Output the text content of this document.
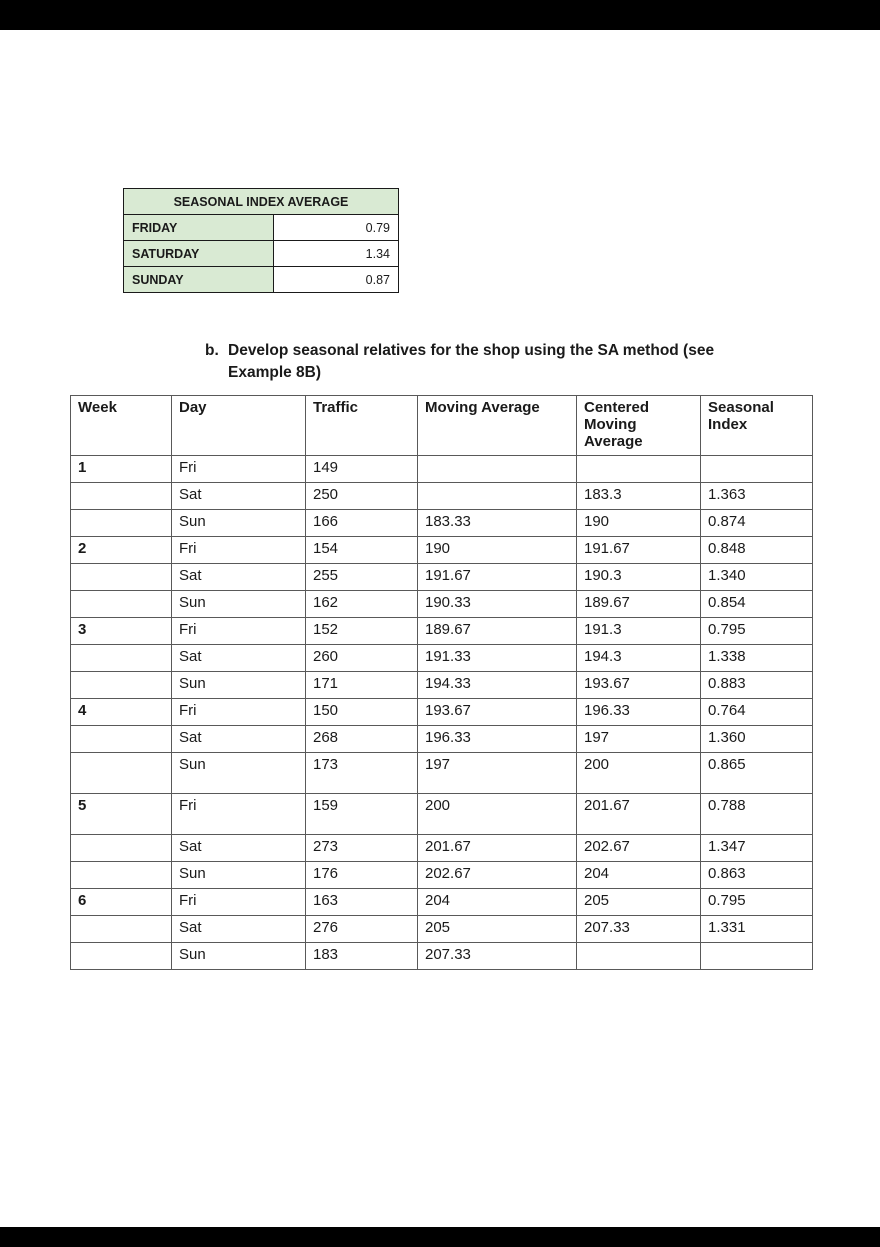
SEASONAL INDEX AVERAGE	
FRIDAY	0.79
SATURDAY	1.34
SUNDAY	0.87
b. Develop seasonal relatives for the shop using the SA method (see
Example 8B)
Week	Day	Traffic	Moving Average	Centered Moving Average	Seasonal Index

1	Fri	149			
	Sat	250		183.3	1.363
	Sun	166	183.33	190	0.874
2	Fri	154	190	191.67	0.848
	Sat	255	191.67	190.3	1.340
	Sun	162	190.33	189.67	0.854
3	Fri	152	189.67	191.3	0.795
	Sat	260	191.33	194.3	1.338
	Sun	171	194.33	193.67	0.883
4	Fri	150	193.67	196.33	0.764
	Sat	268	196.33	197	1.360
	Sun	173	197	200	0.865
5	Fri	159	200	201.67	0.788
	Sat	273	201.67	202.67	1.347
	Sun	176	202.67	204	0.863
6	Fri	163	204	205	0.795
	Sat	276	205	207.33	1.331
	Sun	183	207.33		
